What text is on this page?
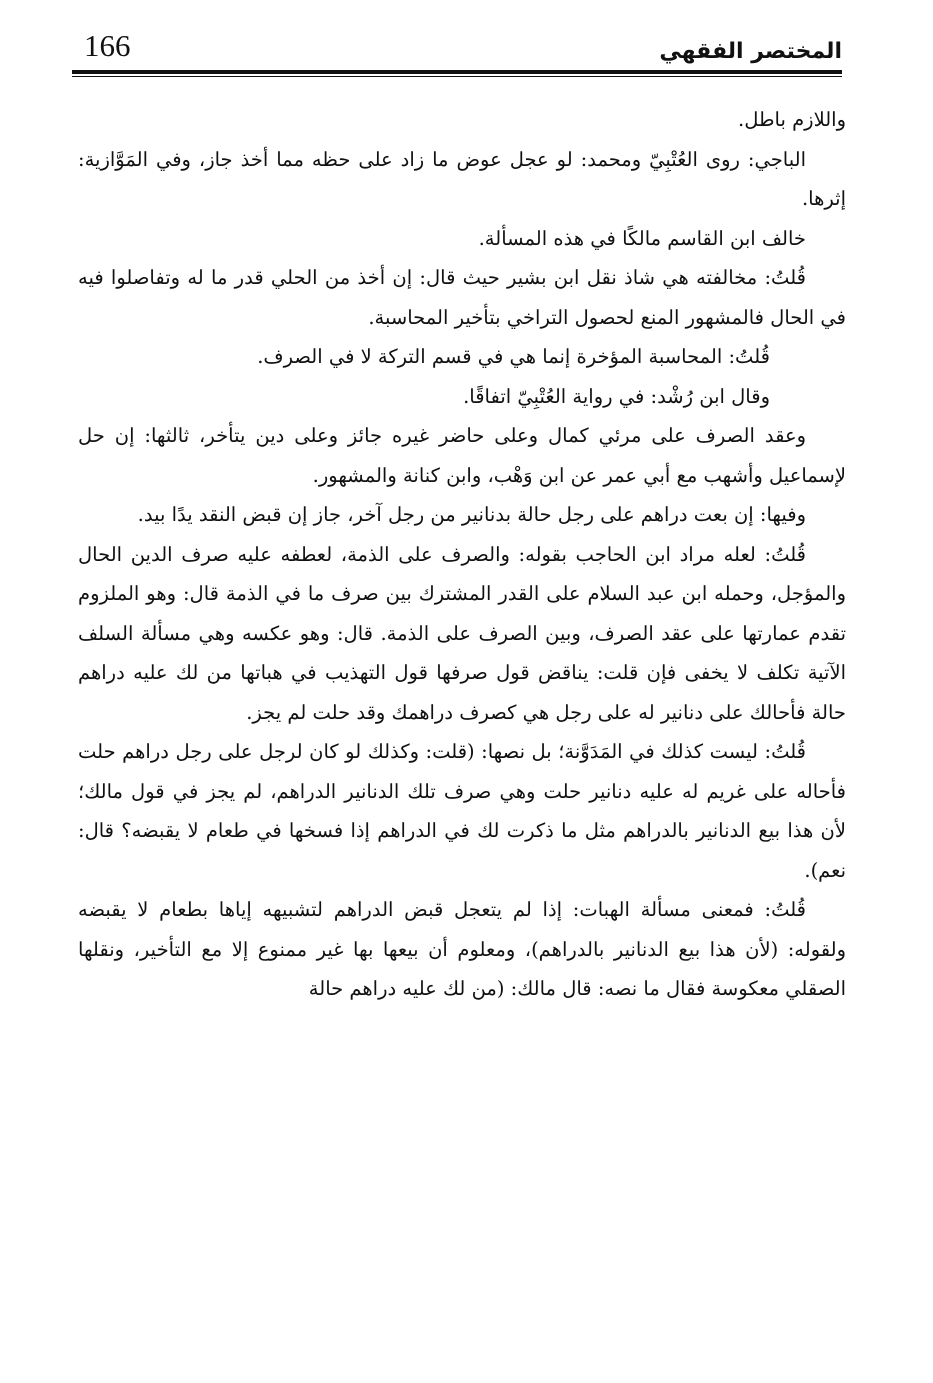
166	المختصر الفقهي

واللازم باطل.

الباجي: روى العُتْبِيّ ومحمد: لو عجل عوض ما زاد على حظه مما أخذ جاز، وفي المَوَّازية: إثرها.

خالف ابن القاسم مالكًا في هذه المسألة.

قُلتُ: مخالفته هي شاذ نقل ابن بشير حيث قال: إن أخذ من الحلي قدر ما له وتفاصلوا فيه في الحال فالمشهور المنع لحصول التراخي بتأخير المحاسبة.

قُلتُ: المحاسبة المؤخرة إنما هي في قسم التركة لا في الصرف.

وقال ابن رُشْد: في رواية العُتْبِيّ اتفاقًا.

وعقد الصرف على مرئي كمال وعلى حاضر غيره جائز وعلى دين يتأخر، ثالثها: إن حل لإسماعيل وأشهب مع أبي عمر عن ابن وَهْب، وابن كنانة والمشهور.

وفيها: إن بعت دراهم على رجل حالة بدنانير من رجل آخر، جاز إن قبض النقد يدًا بيد.

قُلتُ: لعله مراد ابن الحاجب بقوله: والصرف على الذمة، لعطفه عليه صرف الدين الحال والمؤجل، وحمله ابن عبد السلام على القدر المشترك بين صرف ما في الذمة قال: وهو الملزوم تقدم عمارتها على عقد الصرف، وبين الصرف على الذمة. قال: وهو عكسه وهي مسألة السلف الآتية تكلف لا يخفى فإن قلت: يناقض قول صرفها قول التهذيب في هباتها من لك عليه دراهم حالة فأحالك على دنانير له على رجل هي كصرف دراهمك وقد حلت لم يجز.

قُلتُ: ليست كذلك في المَدَوَّنة؛ بل نصها: (قلت: وكذلك لو كان لرجل على رجل دراهم حلت فأحاله على غريم له عليه دنانير حلت وهي صرف تلك الدنانير الدراهم، لم يجز في قول مالك؛ لأن هذا بيع الدنانير بالدراهم مثل ما ذكرت لك في الدراهم إذا فسخها في طعام لا يقبضه؟ قال: نعم).

قُلتُ: فمعنى مسألة الهبات: إذا لم يتعجل قبض الدراهم لتشبيهه إياها بطعام لا يقبضه ولقوله: (لأن هذا بيع الدنانير بالدراهم)، ومعلوم أن بيعها بها غير ممنوع إلا مع التأخير، ونقلها الصقلي معكوسة فقال ما نصه: قال مالك: (من لك عليه دراهم حالة
